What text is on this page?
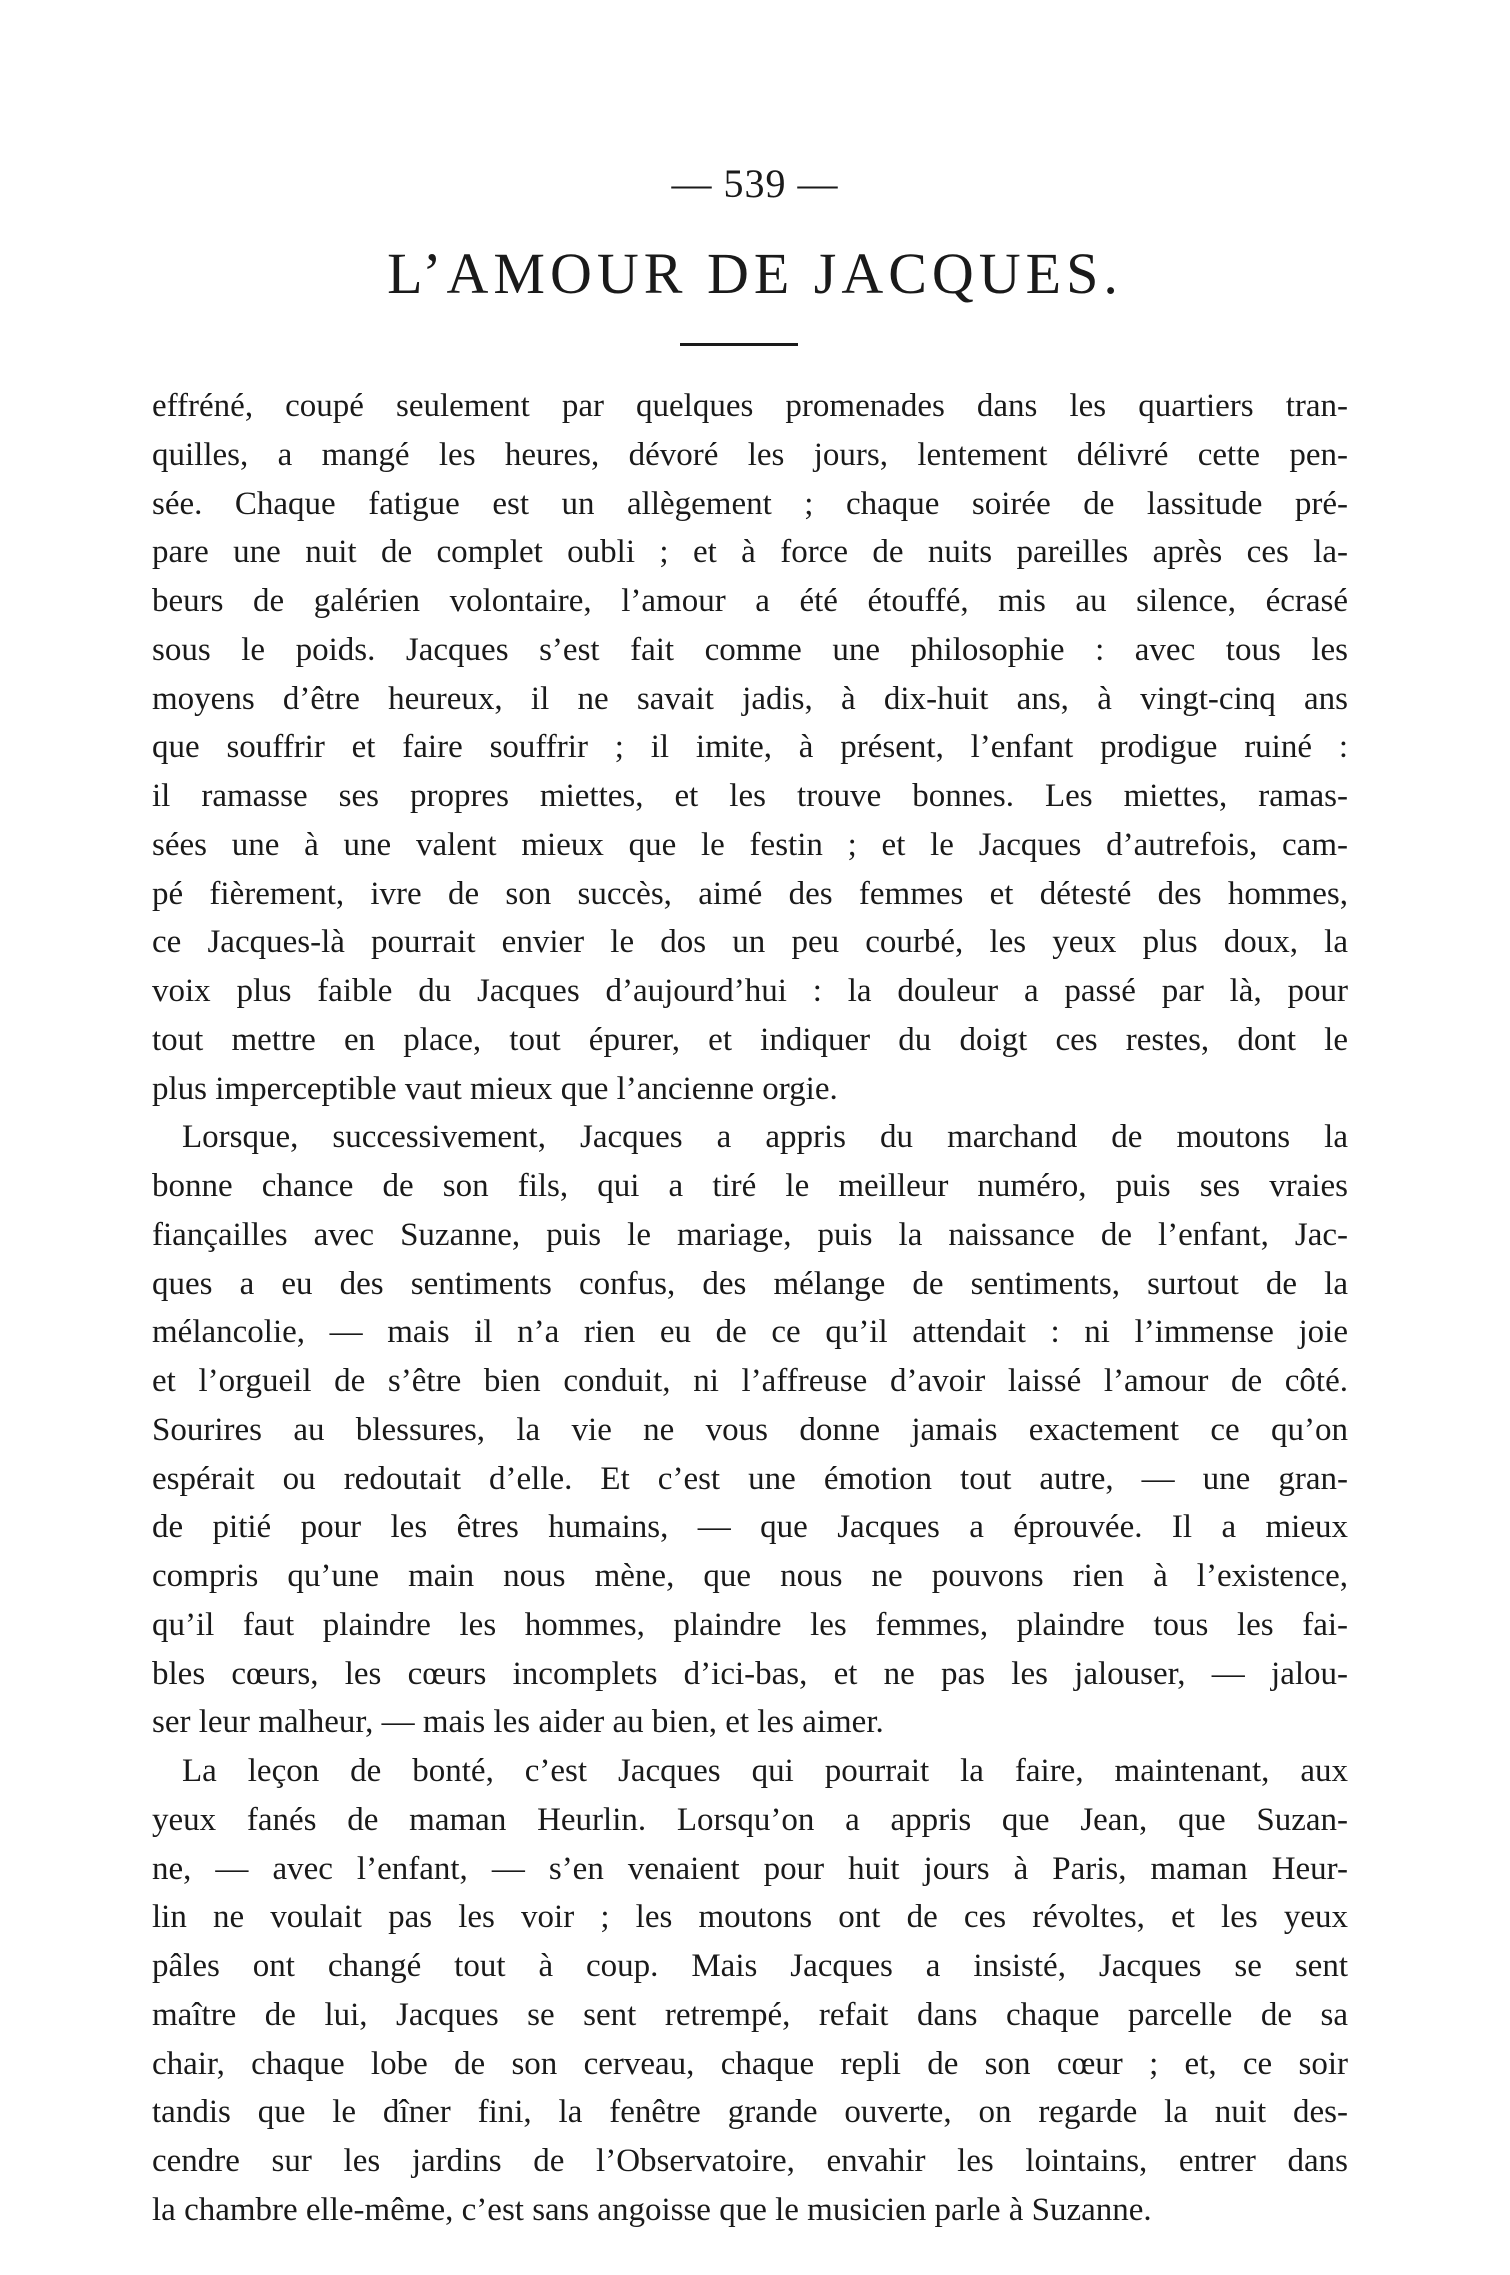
— 539 —
L’AMOUR DE JACQUES.
effréné, coupé seulement par quelques promenades dans les quartiers tran-
quilles, a mangé les heures, dévoré les jours, lentement délivré cette pen-
sée. Chaque fatigue est un allègement ; chaque soirée de lassitude pré-
pare une nuit de complet oubli ; et à force de nuits pareilles après ces la-
beurs de galérien volontaire, l’amour a été étouffé, mis au silence, écrasé
sous le poids. Jacques s’est fait comme une philosophie : avec tous les
moyens d’être heureux, il ne savait jadis, à dix-huit ans, à vingt-cinq ans
que souffrir et faire souffrir ; il imite, à présent, l’enfant prodigue ruiné :
il ramasse ses propres miettes, et les trouve bonnes. Les miettes, ramas-
sées une à une valent mieux que le festin ; et le Jacques d’autrefois, cam-
pé fièrement, ivre de son succès, aimé des femmes et détesté des hommes,
ce Jacques-là pourrait envier le dos un peu courbé, les yeux plus doux, la
voix plus faible du Jacques d’aujourd’hui : la douleur a passé par là, pour
tout mettre en place, tout épurer, et indiquer du doigt ces restes, dont le
plus imperceptible vaut mieux que l’ancienne orgie.
Lorsque, successivement, Jacques a appris du marchand de moutons la
bonne chance de son fils, qui a tiré le meilleur numéro, puis ses vraies
fiançailles avec Suzanne, puis le mariage, puis la naissance de l’enfant, Jac-
ques a eu des sentiments confus, des mélange de sentiments, surtout de la
mélancolie, — mais il n’a rien eu de ce qu’il attendait : ni l’immense joie
et l’orgueil de s’être bien conduit, ni l’affreuse d’avoir laissé l’amour de côté.
Sourires au blessures, la vie ne vous donne jamais exactement ce qu’on
espérait ou redoutait d’elle. Et c’est une émotion tout autre, — une gran-
de pitié pour les êtres humains, — que Jacques a éprouvée. Il a mieux
compris qu’une main nous mène, que nous ne pouvons rien à l’existence,
qu’il faut plaindre les hommes, plaindre les femmes, plaindre tous les fai-
bles cœurs, les cœurs incomplets d’ici-bas, et ne pas les jalouser, — jalou-
ser leur malheur, — mais les aider au bien, et les aimer.
La leçon de bonté, c’est Jacques qui pourrait la faire, maintenant, aux
yeux fanés de maman Heurlin. Lorsqu’on a appris que Jean, que Suzan-
ne, — avec l’enfant, — s’en venaient pour huit jours à Paris, maman Heur-
lin ne voulait pas les voir ; les moutons ont de ces révoltes, et les yeux
pâles ont changé tout à coup. Mais Jacques a insisté, Jacques se sent
maître de lui, Jacques se sent retrempé, refait dans chaque parcelle de sa
chair, chaque lobe de son cerveau, chaque repli de son cœur ; et, ce soir
tandis que le dîner fini, la fenêtre grande ouverte, on regarde la nuit des-
cendre sur les jardins de l’Observatoire, envahir les lointains, entrer dans
la chambre elle-même, c’est sans angoisse que le musicien parle à Suzanne.
